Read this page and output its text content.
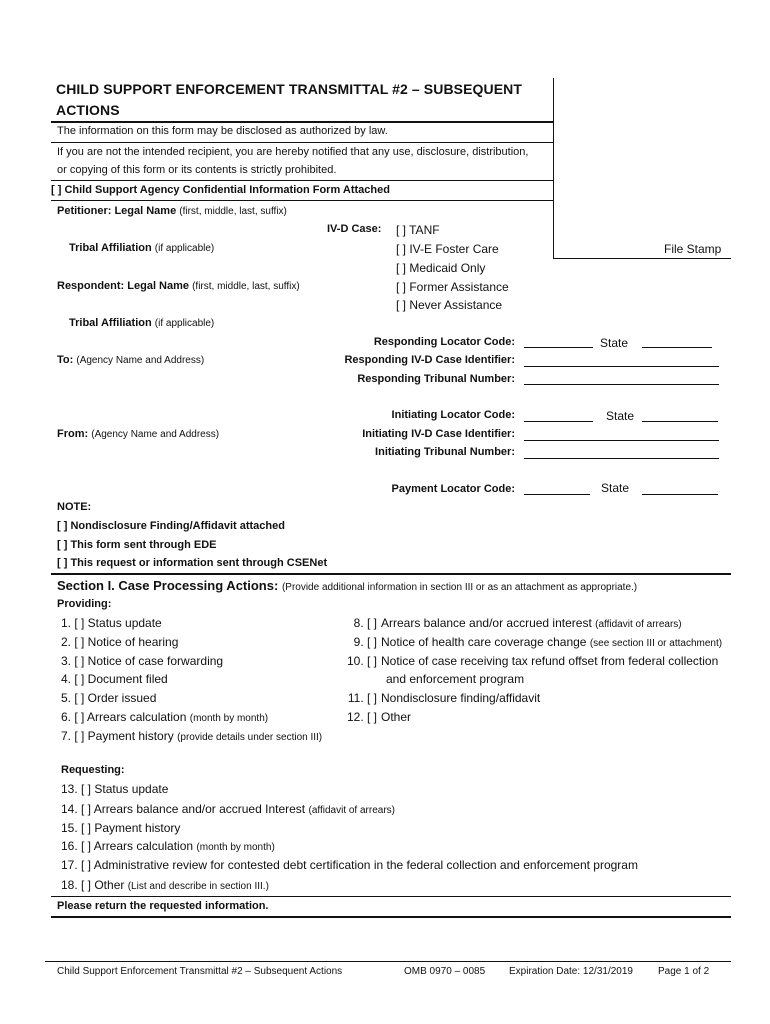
CHILD SUPPORT ENFORCEMENT TRANSMITTAL #2 – SUBSEQUENT
ACTIONS
File Stamp
The information on this form may be disclosed as authorized by law.
If you are not the intended recipient, you are hereby notified that any use, disclosure, distribution,
or copying of this form or its contents is strictly prohibited.
[ ] Child Support Agency Confidential Information Form Attached
Petitioner: Legal Name (first, middle, last, suffix)
Tribal Affiliation (if applicable)
Respondent: Legal Name (first, middle, last, suffix)
Tribal Affiliation (if applicable)
IV-D Case: [ ] TANF
[ ] IV-E Foster Care
[ ] Medicaid Only
[ ] Former Assistance
[ ] Never Assistance
Responding Locator Code:	State
To: (Agency Name and Address)	Responding IV-D Case Identifier:
Responding Tribunal Number:
Initiating Locator Code:	State
From: (Agency Name and Address)	Initiating IV-D Case Identifier:
Initiating Tribunal Number:
Payment Locator Code:	State
NOTE:
[ ] Nondisclosure Finding/Affidavit attached
[ ] This form sent through EDE
[ ] This request or information sent through CSENet
Section I. Case Processing Actions: (Provide additional information in section III or as an attachment as appropriate.)
Providing:
1. [ ] Status update
2. [ ] Notice of hearing
3. [ ] Notice of case forwarding
4. [ ] Document filed
5. [ ] Order issued
6. [ ] Arrears calculation (month by month)
7. [ ] Payment history (provide details under section III)
8. [ ] Arrears balance and/or accrued interest (affidavit of arrears)
9. [ ] Notice of health care coverage change (see section III or attachment)
10. [ ] Notice of case receiving tax refund offset from federal collection
and enforcement program
11. [ ] Nondisclosure finding/affidavit
12. [ ] Other
Requesting:
13. [ ] Status update
14. [ ] Arrears balance and/or accrued Interest (affidavit of arrears)
15. [ ] Payment history
16. [ ] Arrears calculation (month by month)
17. [ ] Administrative review for contested debt certification in the federal collection and enforcement program
18. [ ] Other (List and describe in section III.)
Please return the requested information.
Child Support Enforcement Transmittal #2 – Subsequent Actions	OMB 0970 – 0085 Expiration Date: 12/31/2019	Page 1 of 2
